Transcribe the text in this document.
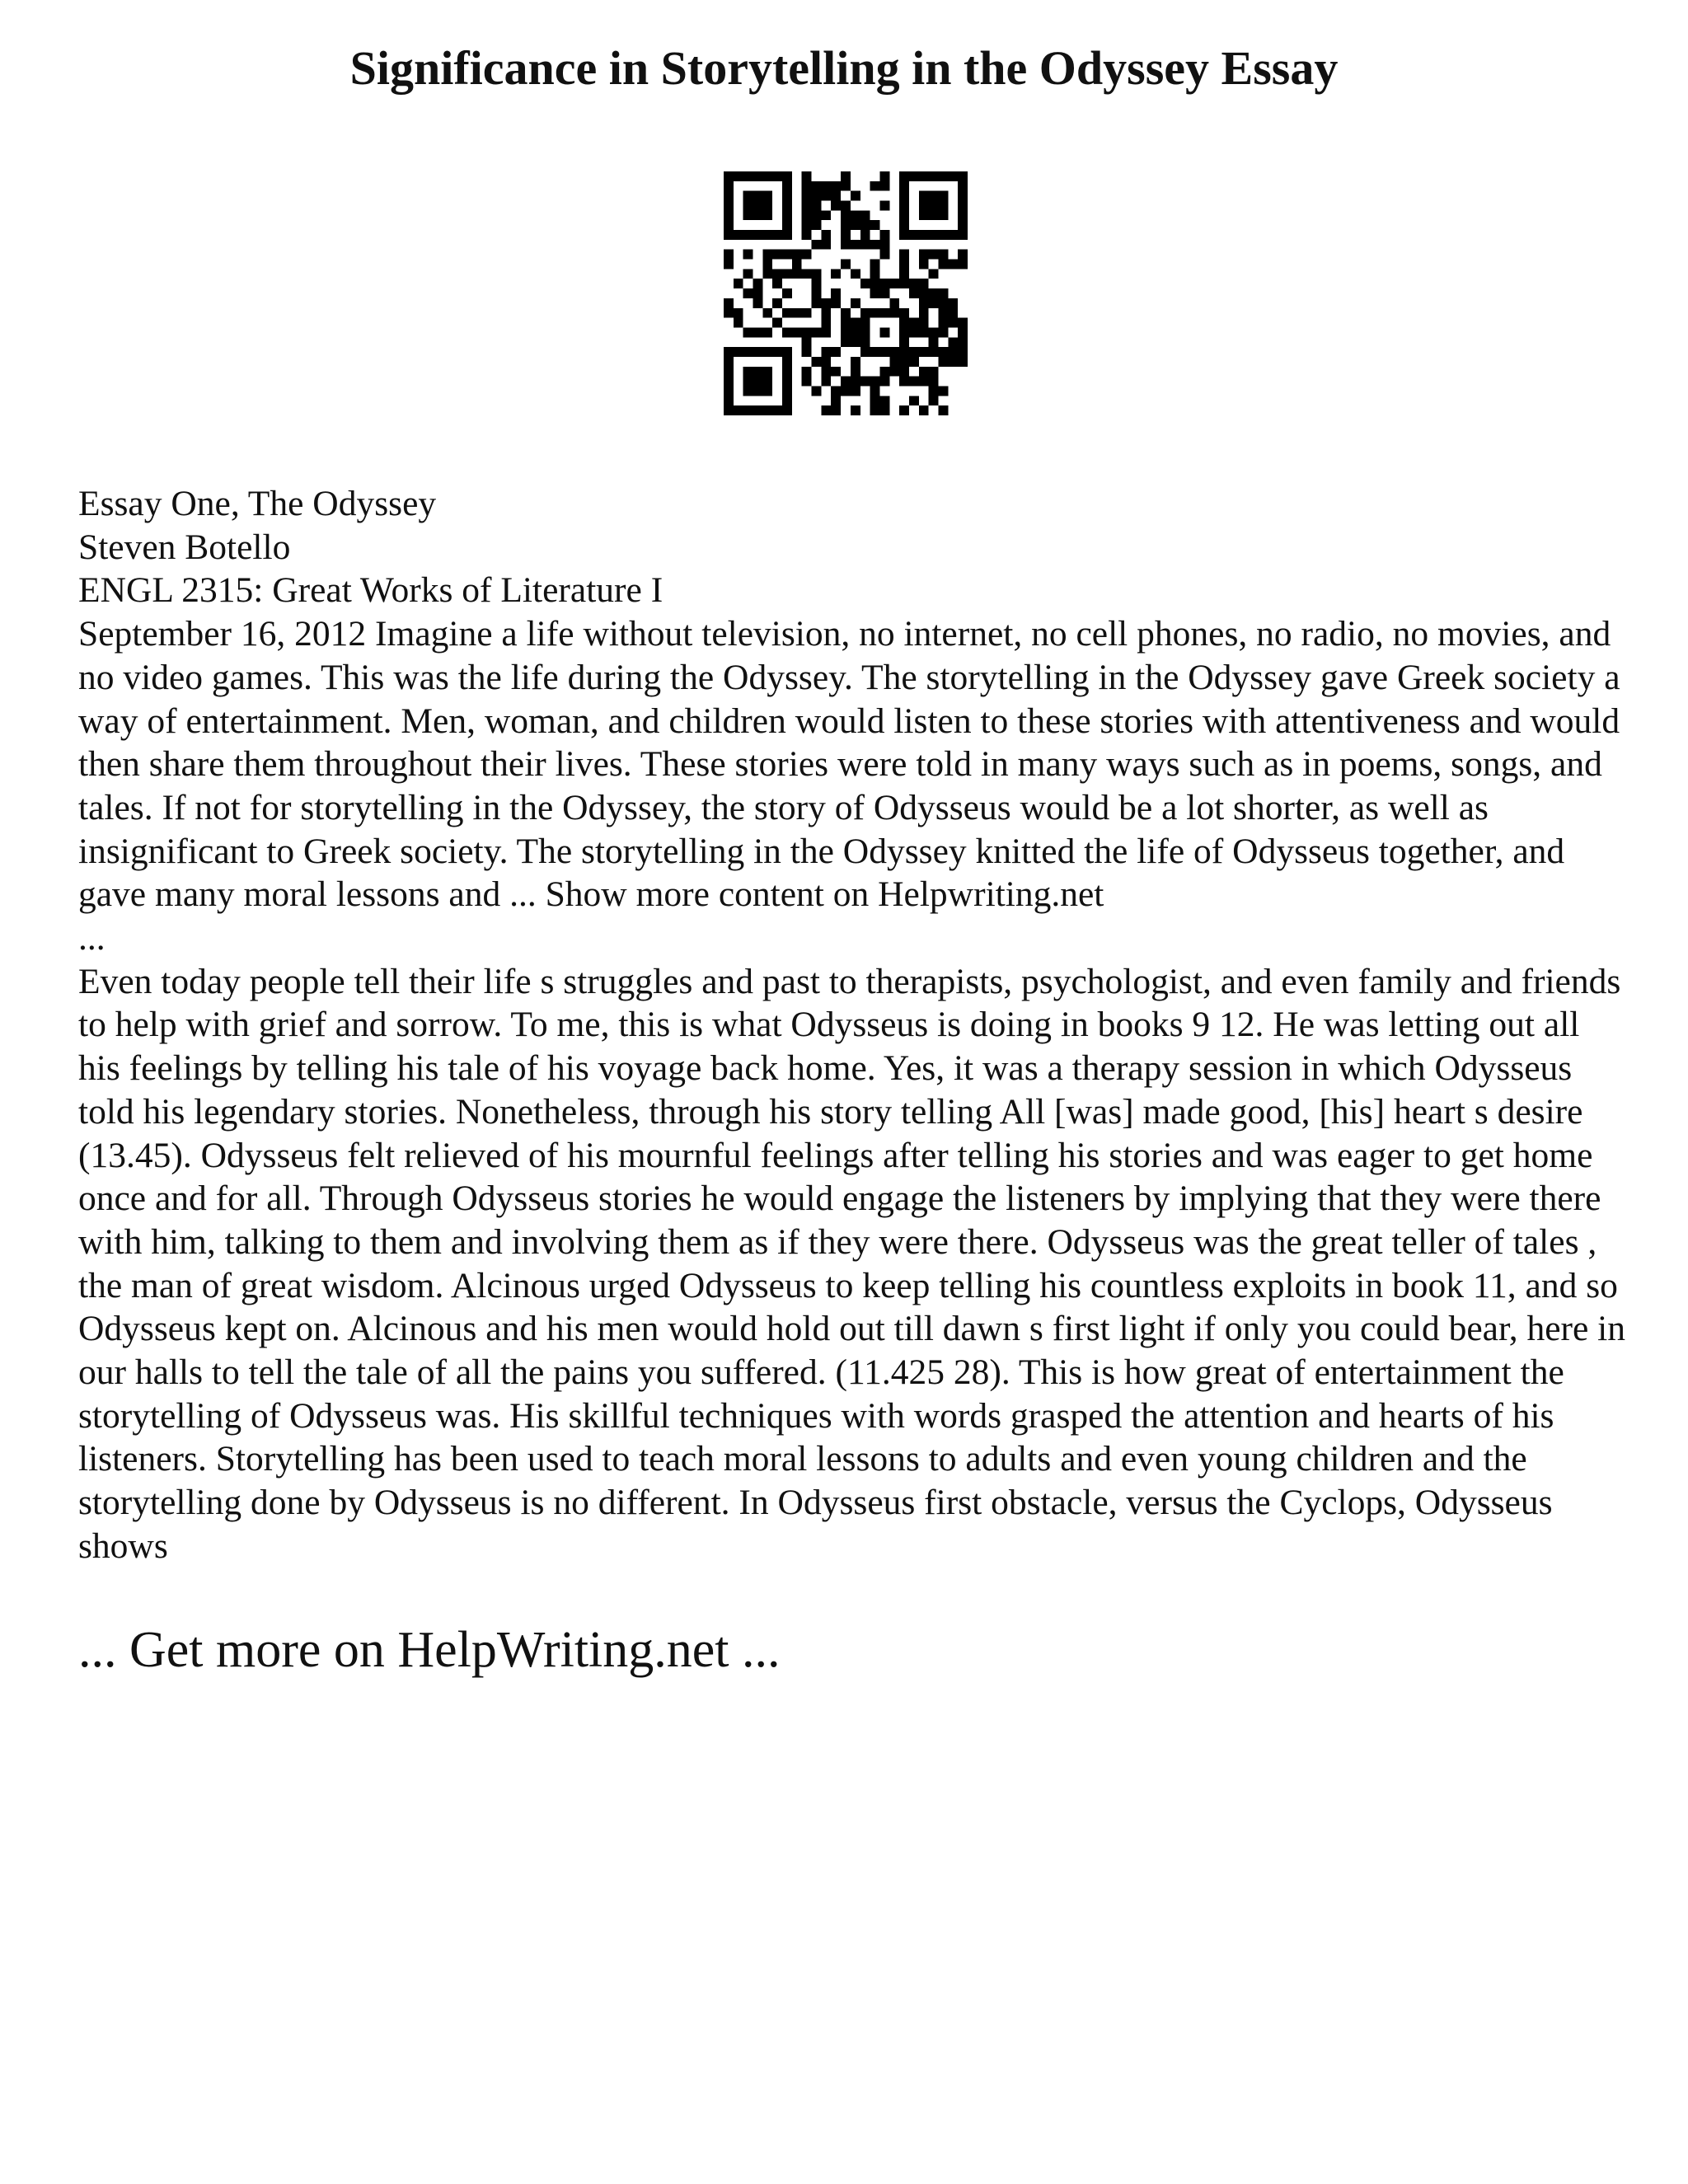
Significance in Storytelling in the Odyssey Essay

Essay One, The Odyssey

Steven Botello

ENGL 2315: Great Works of Literature I

September 16, 2012 Imagine a life without television, no internet, no cell phones, no radio, no movies, and no video games. This was the life during the Odyssey. The storytelling in the Odyssey gave Greek society a way of entertainment. Men, woman, and children would listen to these stories with attentiveness and would then share them throughout their lives. These stories were told in many ways such as in poems, songs, and tales. If not for storytelling in the Odyssey, the story of Odysseus would be a lot shorter, as well as insignificant to Greek society. The storytelling in the Odyssey knitted the life of Odysseus together, and gave many moral lessons and ... Show more content on Helpwriting.net

...

Even today people tell their life s struggles and past to therapists, psychologist, and even family and friends to help with grief and sorrow. To me, this is what Odysseus is doing in books 9 12. He was letting out all his feelings by telling his tale of his voyage back home. Yes, it was a therapy session in which Odysseus told his legendary stories. Nonetheless, through his story telling All [was] made good, [his] heart s desire (13.45). Odysseus felt relieved of his mournful feelings after telling his stories and was eager to get home once and for all. Through Odysseus stories he would engage the listeners by implying that they were there with him, talking to them and involving them as if they were there. Odysseus was the great teller of tales , the man of great wisdom. Alcinous urged Odysseus to keep telling his countless exploits in book 11, and so Odysseus kept on. Alcinous and his men would hold out till dawn s first light if only you could bear, here in our halls to tell the tale of all the pains you suffered. (11.425 28). This is how great of entertainment the storytelling of Odysseus was. His skillful techniques with words grasped the attention and hearts of his listeners. Storytelling has been used to teach moral lessons to adults and even young children and the storytelling done by Odysseus is no different. In Odysseus first obstacle, versus the Cyclops, Odysseus shows

... Get more on HelpWriting.net ...
